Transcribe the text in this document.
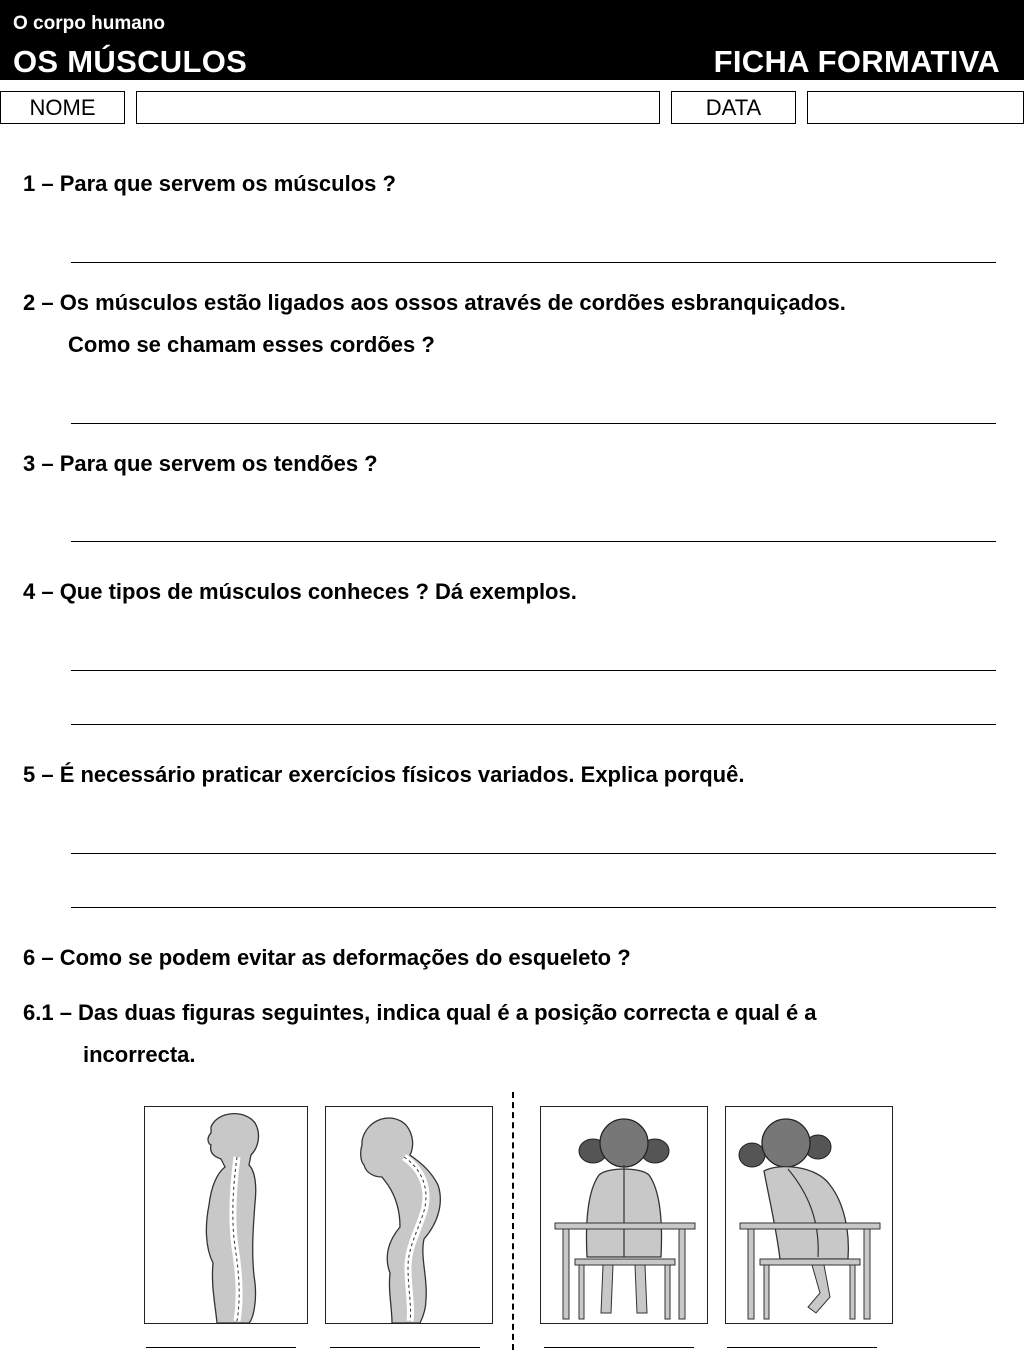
O corpo humano
OS MÚSCULOS	FICHA FORMATIVA
NOME	DATA
1 – Para que servem os músculos ?
2 – Os músculos estão ligados aos ossos através de cordões esbranquiçados.
Como se chamam esses cordões ?
3 – Para que servem os tendões ?
4 – Que tipos de músculos conheces ? Dá exemplos.
5 – É necessário praticar exercícios físicos variados. Explica porquê.
6 – Como se podem evitar as deformações do esqueleto ?
6.1 – Das duas figuras seguintes, indica qual é a posição correcta e qual é a
incorrecta.
